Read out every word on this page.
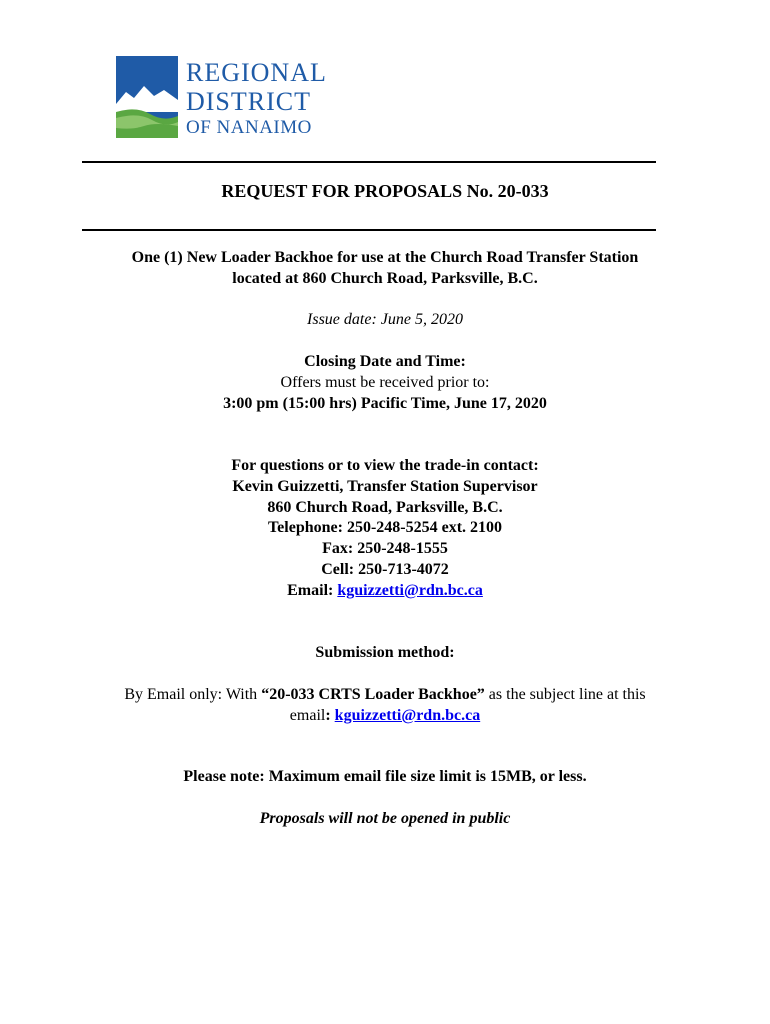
REGIONAL
DISTRICT
OF NANAIMO
REQUEST FOR PROPOSALS No. 20-033
One (1) New Loader Backhoe for use at the Church Road Transfer Station
located at 860 Church Road, Parksville, B.C.
Issue date: June 5, 2020
Closing Date and Time:
Offers must be received prior to:
3:00 pm (15:00 hrs) Pacific Time, June 17, 2020
For questions or to view the trade-in contact:
Kevin Guizzetti, Transfer Station Supervisor
860 Church Road, Parksville, B.C.
Telephone: 250-248-5254 ext. 2100
Fax: 250-248-1555
Cell: 250-713-4072
Email: kguizzetti@rdn.bc.ca
Submission method:
By Email only: With “20-033 CRTS Loader Backhoe” as the subject line at this
email: kguizzetti@rdn.bc.ca
Please note: Maximum email file size limit is 15MB, or less.
Proposals will not be opened in public
